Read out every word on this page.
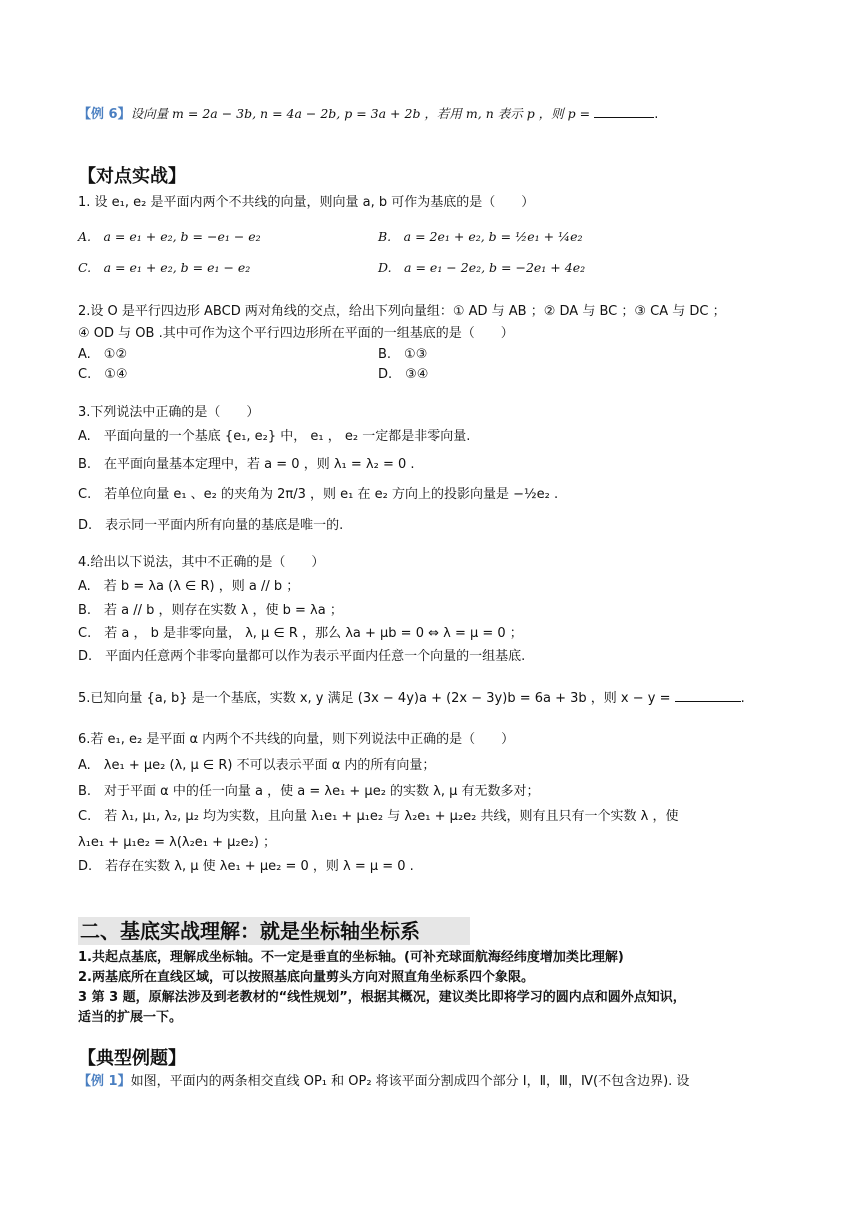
【例 6】设向量 m = 2a − 3b, n = 4a − 2b, p = 3a + 2b ，若用 m, n 表示 p ，则 p =	.
【对点实战】
1. 设 e₁, e₂ 是平面内两个不共线的向量，则向量 a, b 可作为基底的是（　　）
A.　a = e₁ + e₂, b = −e₁ − e₂	B.　a = 2e₁ + e₂, b = ½e₁ + ¼e₂
C.　a = e₁ + e₂, b = e₁ − e₂	D.　a = e₁ − 2e₂, b = −2e₁ + 4e₂
2.设 O 是平行四边形 ABCD 两对角线的交点，给出下列向量组：① AD 与 AB ；② DA 与 BC ；③ CA 与 DC ；
④ OD 与 OB .其中可作为这个平行四边形所在平面的一组基底的是（　　）
A.　①②	B.　①③
C.　①④	D.　③④
3.下列说法中正确的是（　　）
A.　平面向量的一个基底 {e₁, e₂} 中， e₁ ， e₂ 一定都是非零向量.
B.　在平面向量基本定理中，若 a = 0 ，则 λ₁ = λ₂ = 0 .
C.　若单位向量 e₁ 、e₂ 的夹角为 2π/3 ，则 e₁ 在 e₂ 方向上的投影向量是 −½e₂ .
D.　表示同一平面内所有向量的基底是唯一的.
4.给出以下说法，其中不正确的是（　　）
A.　若 b = λa (λ ∈ R) ，则 a // b ；
B.　若 a // b ，则存在实数 λ ，使 b = λa ；
C.　若 a ， b 是非零向量， λ, μ ∈ R ，那么 λa + μb = 0 ⇔ λ = μ = 0 ；
D.　平面内任意两个非零向量都可以作为表示平面内任意一个向量的一组基底.
5.已知向量 {a, b} 是一个基底，实数 x, y 满足 (3x − 4y)a + (2x − 3y)b = 6a + 3b ，则 x − y =	.
6.若 e₁, e₂ 是平面 α 内两个不共线的向量，则下列说法中正确的是（　　）
A.　λe₁ + μe₂ (λ, μ ∈ R) 不可以表示平面 α 内的所有向量；
B.　对于平面 α 中的任一向量 a ，使 a = λe₁ + μe₂ 的实数 λ, μ 有无数多对；
C.　若 λ₁, μ₁, λ₂, μ₂ 均为实数，且向量 λ₁e₁ + μ₁e₂ 与 λ₂e₁ + μ₂e₂ 共线，则有且只有一个实数 λ ，使
λ₁e₁ + μ₁e₂ = λ(λ₂e₁ + μ₂e₂) ；
D.　若存在实数 λ, μ 使 λe₁ + μe₂ = 0 ，则 λ = μ = 0 .
二、基底实战理解：就是坐标轴坐标系
1.共起点基底，理解成坐标轴。不一定是垂直的坐标轴。(可补充球面航海经纬度增加类比理解)
2.两基底所在直线区域，可以按照基底向量剪头方向对照直角坐标系四个象限。
3 第 3 题，原解法涉及到老教材的“线性规划”，根据其概况，建议类比即将学习的圆内点和圆外点知识，
适当的扩展一下。
【典型例题】
【例 1】如图，平面内的两条相交直线 OP₁ 和 OP₂ 将该平面分割成四个部分 Ⅰ，Ⅱ，Ⅲ，Ⅳ(不包含边界). 设
